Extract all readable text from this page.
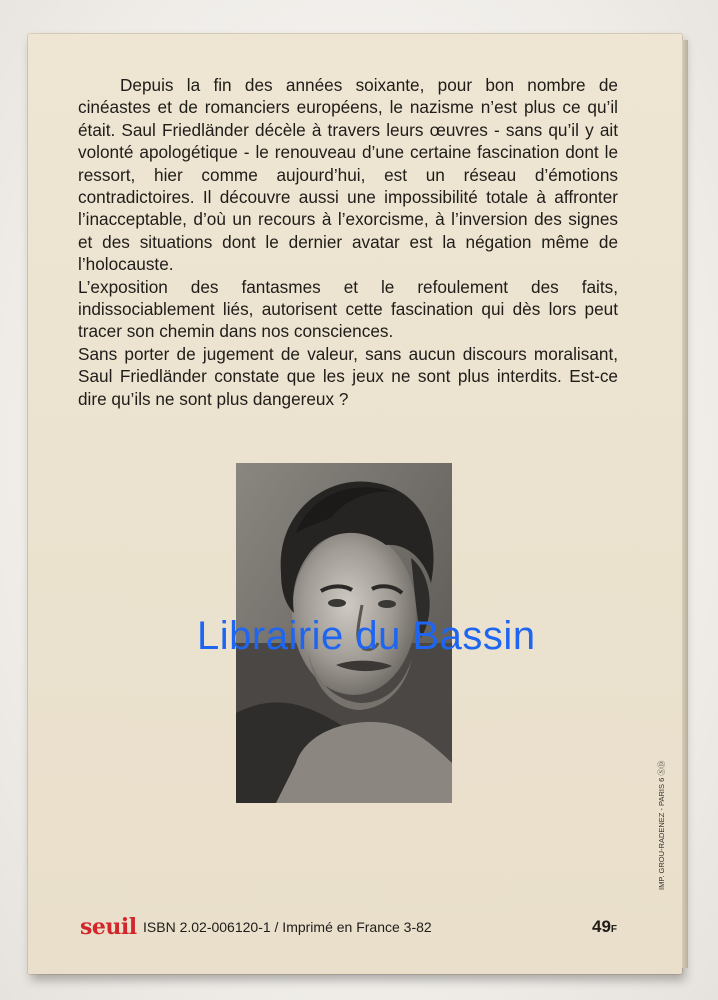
Depuis la fin des années soixante, pour bon nombre de cinéastes et de romanciers européens, le nazisme n’est plus ce qu’il était. Saul Friedländer décèle à travers leurs œuvres - sans qu’il y ait volonté apologétique - le renouveau d’une certaine fascination dont le ressort, hier comme aujourd’hui, est un réseau d’émotions contradictoires. Il découvre aussi une impossibilité totale à affronter l’inacceptable, d’où un recours à l’exorcisme, à l’inversion des signes et des situations dont le dernier avatar est la négation même de l’holocauste.

L’exposition des fantasmes et le refoulement des faits, indissociablement liés, autorisent cette fascination qui dès lors peut tracer son chemin dans nos consciences.

Sans porter de jugement de valeur, sans aucun discours moralisant, Saul Friedländer constate que les jeux ne sont plus interdits. Est-ce dire qu’ils ne sont plus dangereux ?

Librairie du Bassin
seuil ISBN 2.02-006120-1 / Imprimé en France 3-82	49F
IMP. GROU-RADENEZ - PARIS 6 ⓈⒹ
